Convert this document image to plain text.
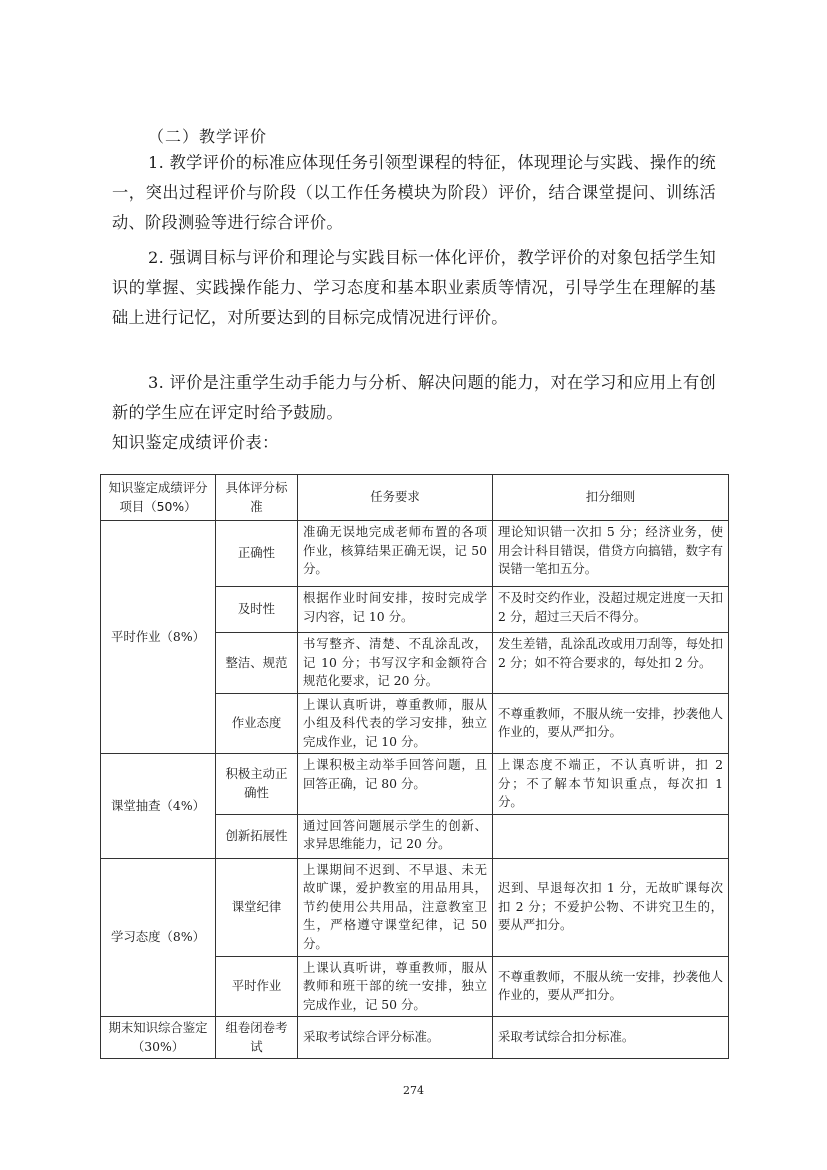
（二）教学评价
1. 教学评价的标准应体现任务引领型课程的特征，体现理论与实践、操作的统一，突出过程评价与阶段（以工作任务模块为阶段）评价，结合课堂提问、训练活动、阶段测验等进行综合评价。
2. 强调目标与评价和理论与实践目标一体化评价，教学评价的对象包括学生知识的掌握、实践操作能力、学习态度和基本职业素质等情况，引导学生在理解的基础上进行记忆，对所要达到的目标完成情况进行评价。
3. 评价是注重学生动手能力与分析、解决问题的能力，对在学习和应用上有创新的学生应在评定时给予鼓励。
知识鉴定成绩评价表：
知识鉴定成绩评分项目（50%）	具体评分标准	任务要求	扣分细则
平时作业（8%）	正确性	准确无误地完成老师布置的各项作业，核算结果正确无误，记 50 分。	理论知识错一次扣 5 分；经济业务，使用会计科目错误，借贷方向搞错，数字有误错一笔扣五分。
	及时性	根据作业时间安排，按时完成学习内容，记 10 分。	不及时交约作业，没超过规定进度一天扣 2 分，超过三天后不得分。
	整洁、规范	书写整齐、清楚、不乱涂乱改，记 10 分；书写汉字和金额符合规范化要求，记 20 分。	发生差错，乱涂乱改或用刀刮等，每处扣 2 分；如不符合要求的，每处扣 2 分。
	作业态度	上课认真听讲，尊重教师，服从小组及科代表的学习安排，独立完成作业，记 10 分。	不尊重教师，不服从统一安排，抄袭他人作业的，要从严扣分。
课堂抽查（4%）	积极主动正确性	上课积极主动举手回答问题，且回答正确，记 80 分。	上课态度不端正，不认真听讲，扣 2 分；不了解本节知识重点，每次扣 1 分。
	创新拓展性	通过回答问题展示学生的创新、求异思维能力，记 20 分。	
学习态度（8%）	课堂纪律	上课期间不迟到、不早退、未无故旷课，爱护教室的用品用具，节约使用公共用品，注意教室卫生，严格遵守课堂纪律，记 50 分。	迟到、早退每次扣 1 分，无故旷课每次扣 2 分；不爱护公物、不讲究卫生的，要从严扣分。
	平时作业	上课认真听讲，尊重教师，服从教师和班干部的统一安排，独立完成作业，记 50 分。	不尊重教师，不服从统一安排，抄袭他人作业的，要从严扣分。
期末知识综合鉴定（30%）	组卷闭卷考试	采取考试综合评分标准。	采取考试综合扣分标准。
274
